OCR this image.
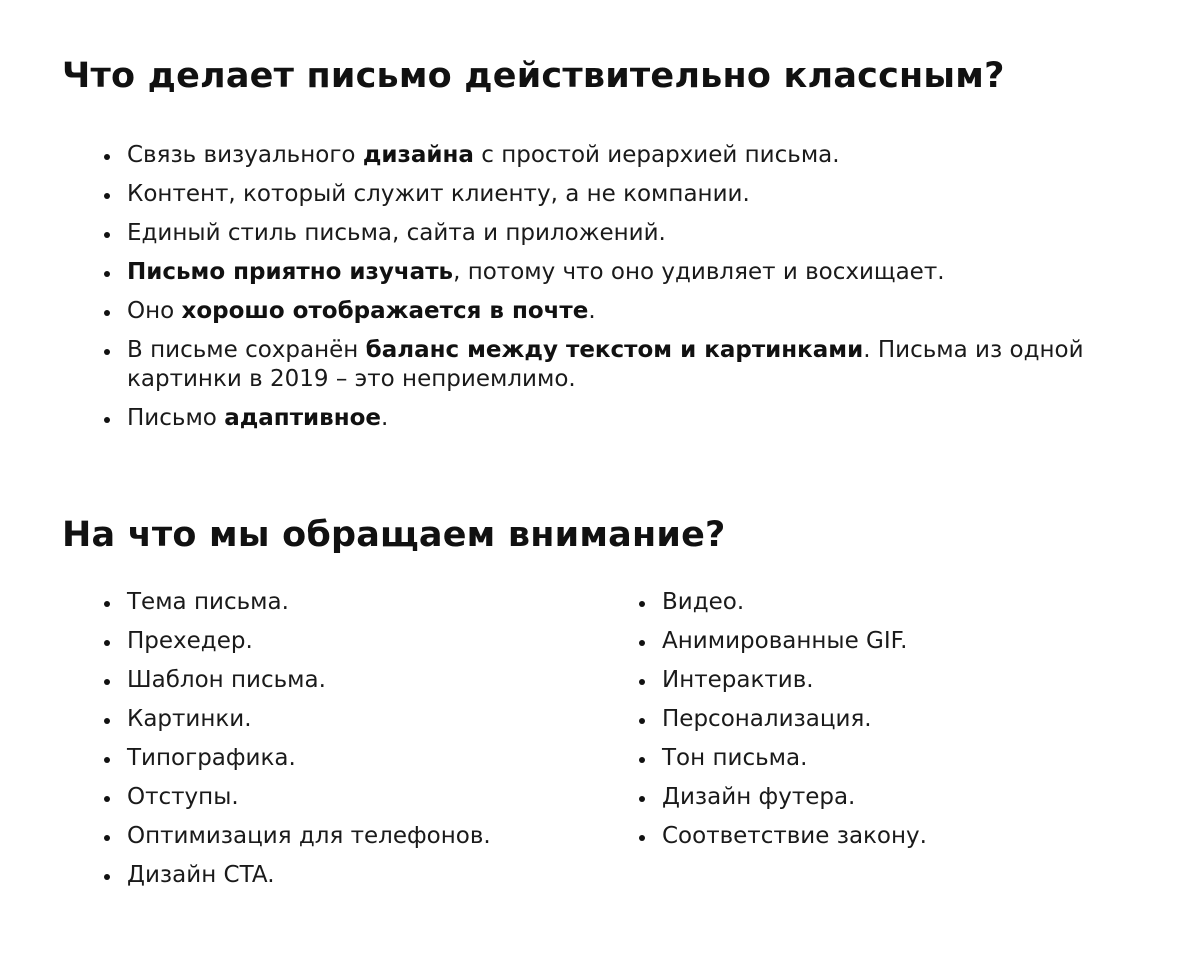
Что делает письмо действительно классным?
Связь визуального дизайна с простой иерархией письма.
Контент, который служит клиенту, а не компании.
Единый стиль письма, сайта и приложений.
Письмо приятно изучать, потому что оно удивляет и восхищает.
Оно хорошо отображается в почте.
В письме сохранён баланс между текстом и картинками. Письма из одной картинки в 2019 – это неприемлимо.
Письмо адаптивное.
На что мы обращаем внимание?
Тема письма.
Прехедер.
Шаблон письма.
Картинки.
Типографика.
Отступы.
Оптимизация для телефонов.
Дизайн CTA.
Видео.
Анимированные GIF.
Интерактив.
Персонализация.
Тон письма.
Дизайн футера.
Соответствие закону.
